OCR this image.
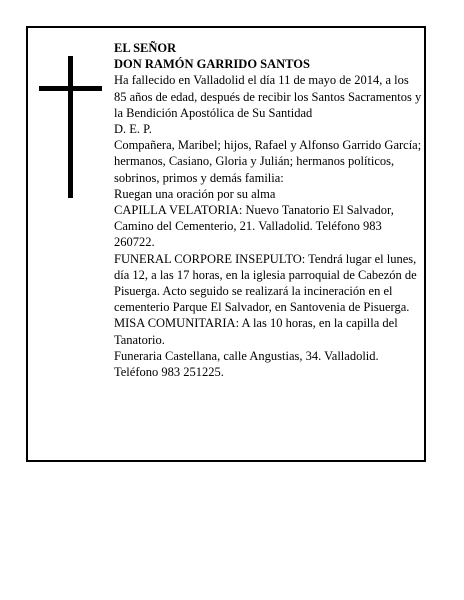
EL SEÑOR

DON RAMÓN GARRIDO SANTOS

Ha fallecido en Valladolid el día 11 de mayo de 2014, a los 85 años de edad, después de recibir los Santos Sacramentos y la Bendición Apostólica de Su Santidad

D. E. P.

Compañera, Maribel; hijos, Rafael y Alfonso Garrido García; hermanos, Casiano, Gloria y Julián; hermanos políticos, sobrinos, primos y demás familia:

Ruegan una oración por su alma

CAPILLA VELATORIA: Nuevo Tanatorio El Salvador, Camino del Cementerio, 21. Valladolid. Teléfono 983 260722.

FUNERAL CORPORE INSEPULTO: Tendrá lugar el lunes, día 12, a las 17 horas, en la iglesia parroquial de Cabezón de Pisuerga. Acto seguido se realizará la incineración en el cementerio Parque El Salvador, en Santovenia de Pisuerga.

MISA COMUNITARIA: A las 10 horas, en la capilla del Tanatorio.

Funeraria Castellana, calle Angustias, 34. Valladolid. Teléfono 983 251225.
